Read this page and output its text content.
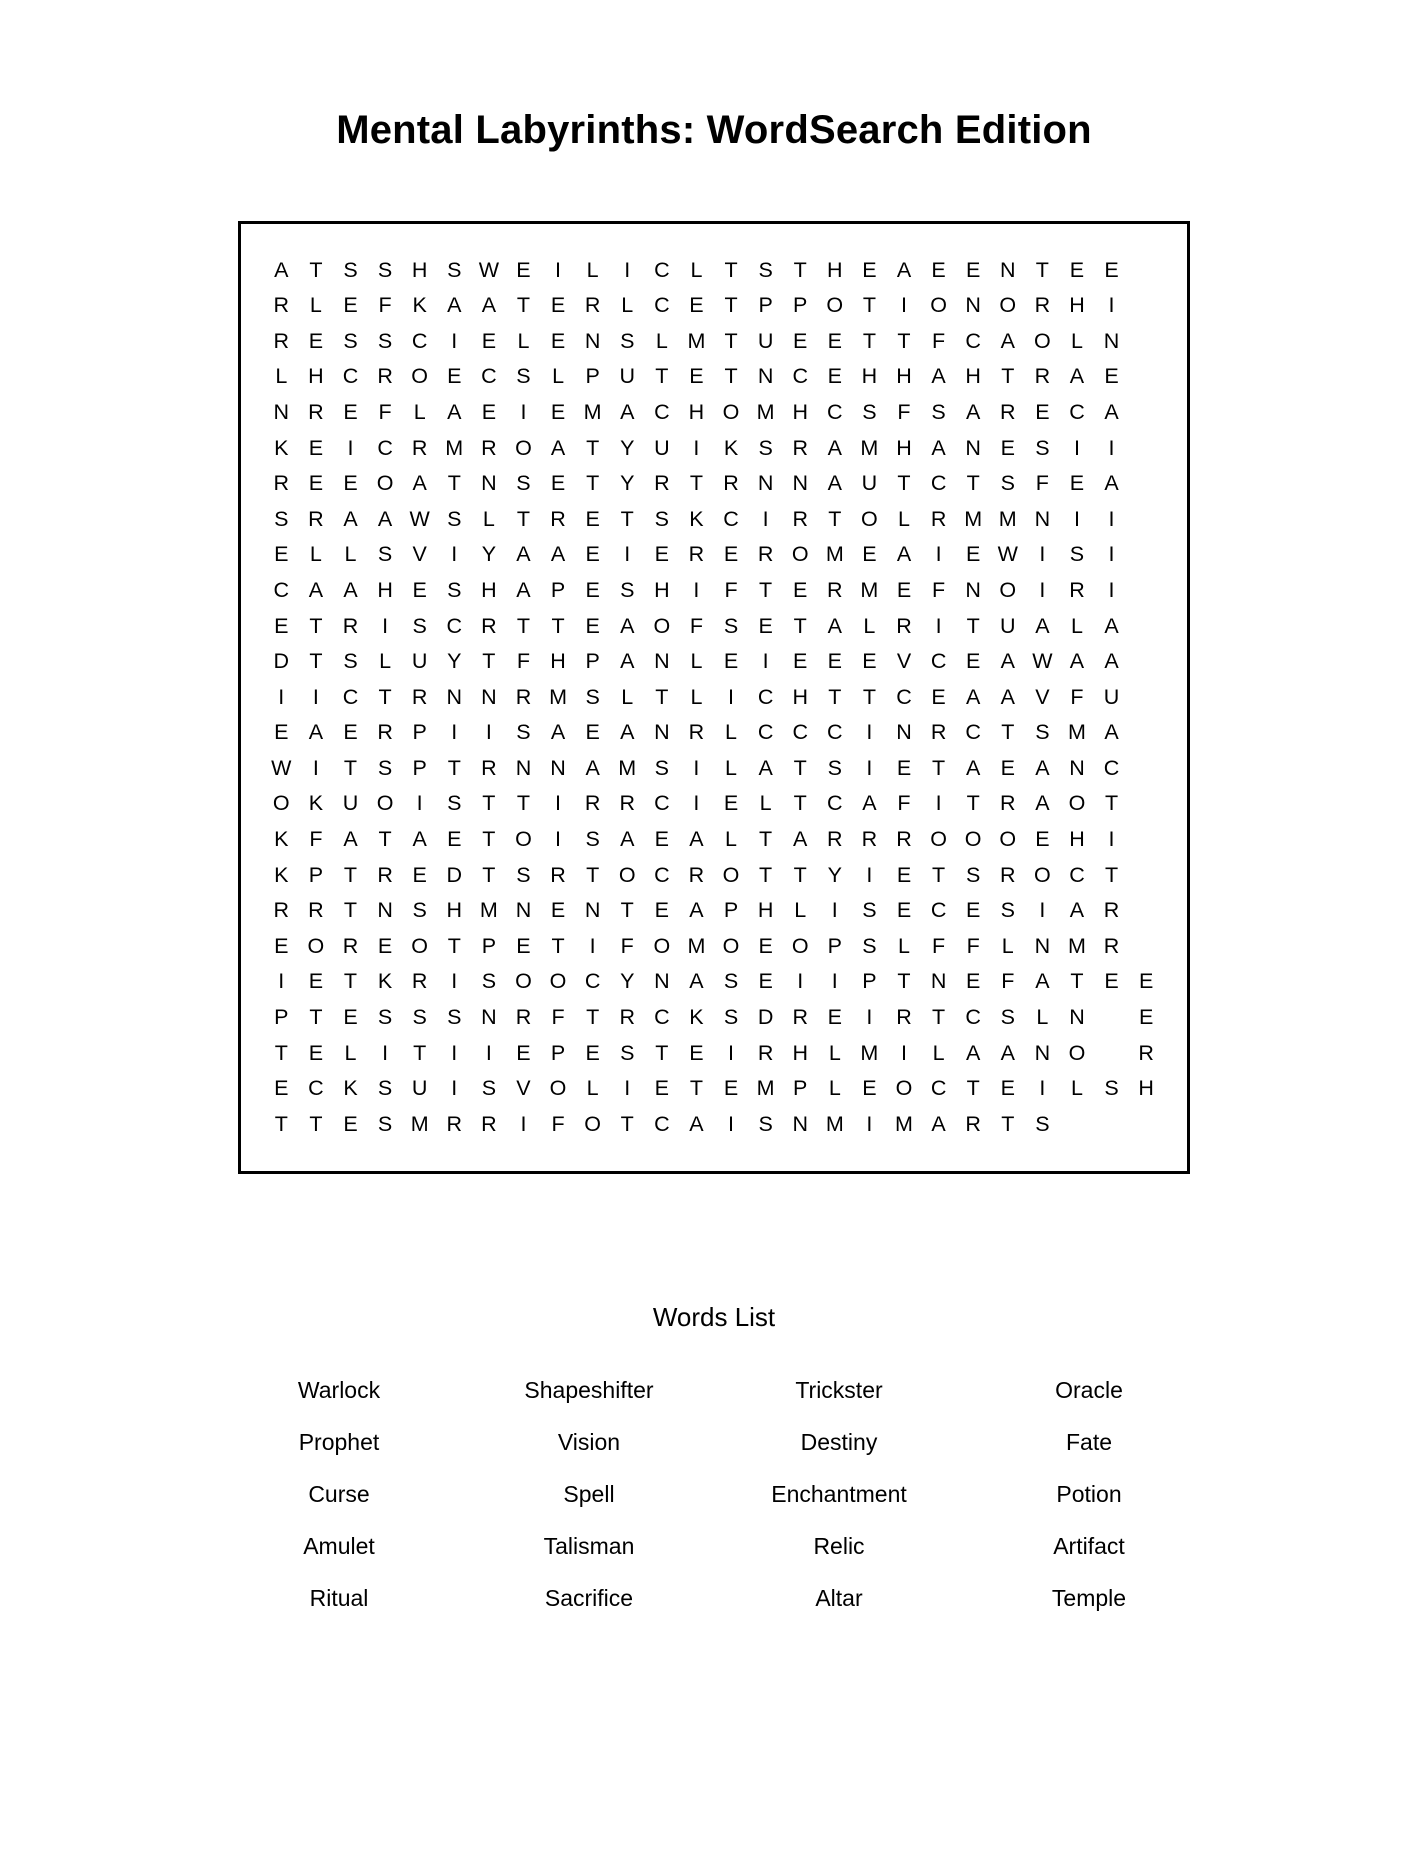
Mental Labyrinths: WordSearch Edition
A T S S H S W E	I	L	I	C L	T S T H E A E E N T E E
R L E F K A A T E R L C E T P P O T	I	O N O R H	I
R E S S C	I	E L E N S L M T U E E T T F C A O L N
L H C R O E C S L P U T E T N C E H H A H T R A E
N R E F	L A E	I	E M A C H O M H C S F S A R E C A
K E	I	C R M R O A T Y U	I	K S R A M H A N E S	I	I
R E E O A T N S E T Y R T R N N A U T C T S F E A
S R A A W S L	T R E T S K C	I	R T O L R M M N	I	I
E L	L S V	I	Y A A E	I	E R E R O M E A	I	E W I	S	I
C A A H E S H A P E S H	I	F T E R M E F N O	I	R	I
E T R	I	S C R T T E A O F S E T A L R	I	T U A L A
D T S L U Y T F H P A N L E	I	E E E V C E A W A A
I	I	C T R N N R M S L	T	L	I	C H T T C E A A V F U
E A E R P	I	I	S A E A N R L C C C	I	N R C T S M A
W I	T S P T R N N A M S	I	L A T S	I	E T A E A N C
O K U O	I	S T T	I	R R C	I	E L	T C A F	I	T R A O T
K F A T A E T O	I	S A E A L	T A R R R O O O E H	I
K P T R E D T S R T O C R O T T Y	I	E T S R O C T
R R T N S H M N E N T E A P H L	I	S E C E S	I	A R
E O R E O T P E T	I	F O M O E O P S L	F F	L N M R
I	E T K R	I	S O O C Y N A S E	I	I	P T N E F A T E E
P T E S S S N R F T R C K S D R E	I	R T C S L N	E
T E L	I	T	I	I	E P E S T E	I	R H L M	I	L A A N O	R
E C K S U	I	S V O L	I	E T E M P L E O C T E	I	L S H
T T E S M R R	I	F O T C A	I	S N M	I	M A R T S
Words List
Warlock	Shapeshifter	Trickster	Oracle
Prophet	Vision	Destiny	Fate
Curse	Spell	Enchantment	Potion
Amulet	Talisman	Relic	Artifact
Ritual	Sacrifice	Altar	Temple
